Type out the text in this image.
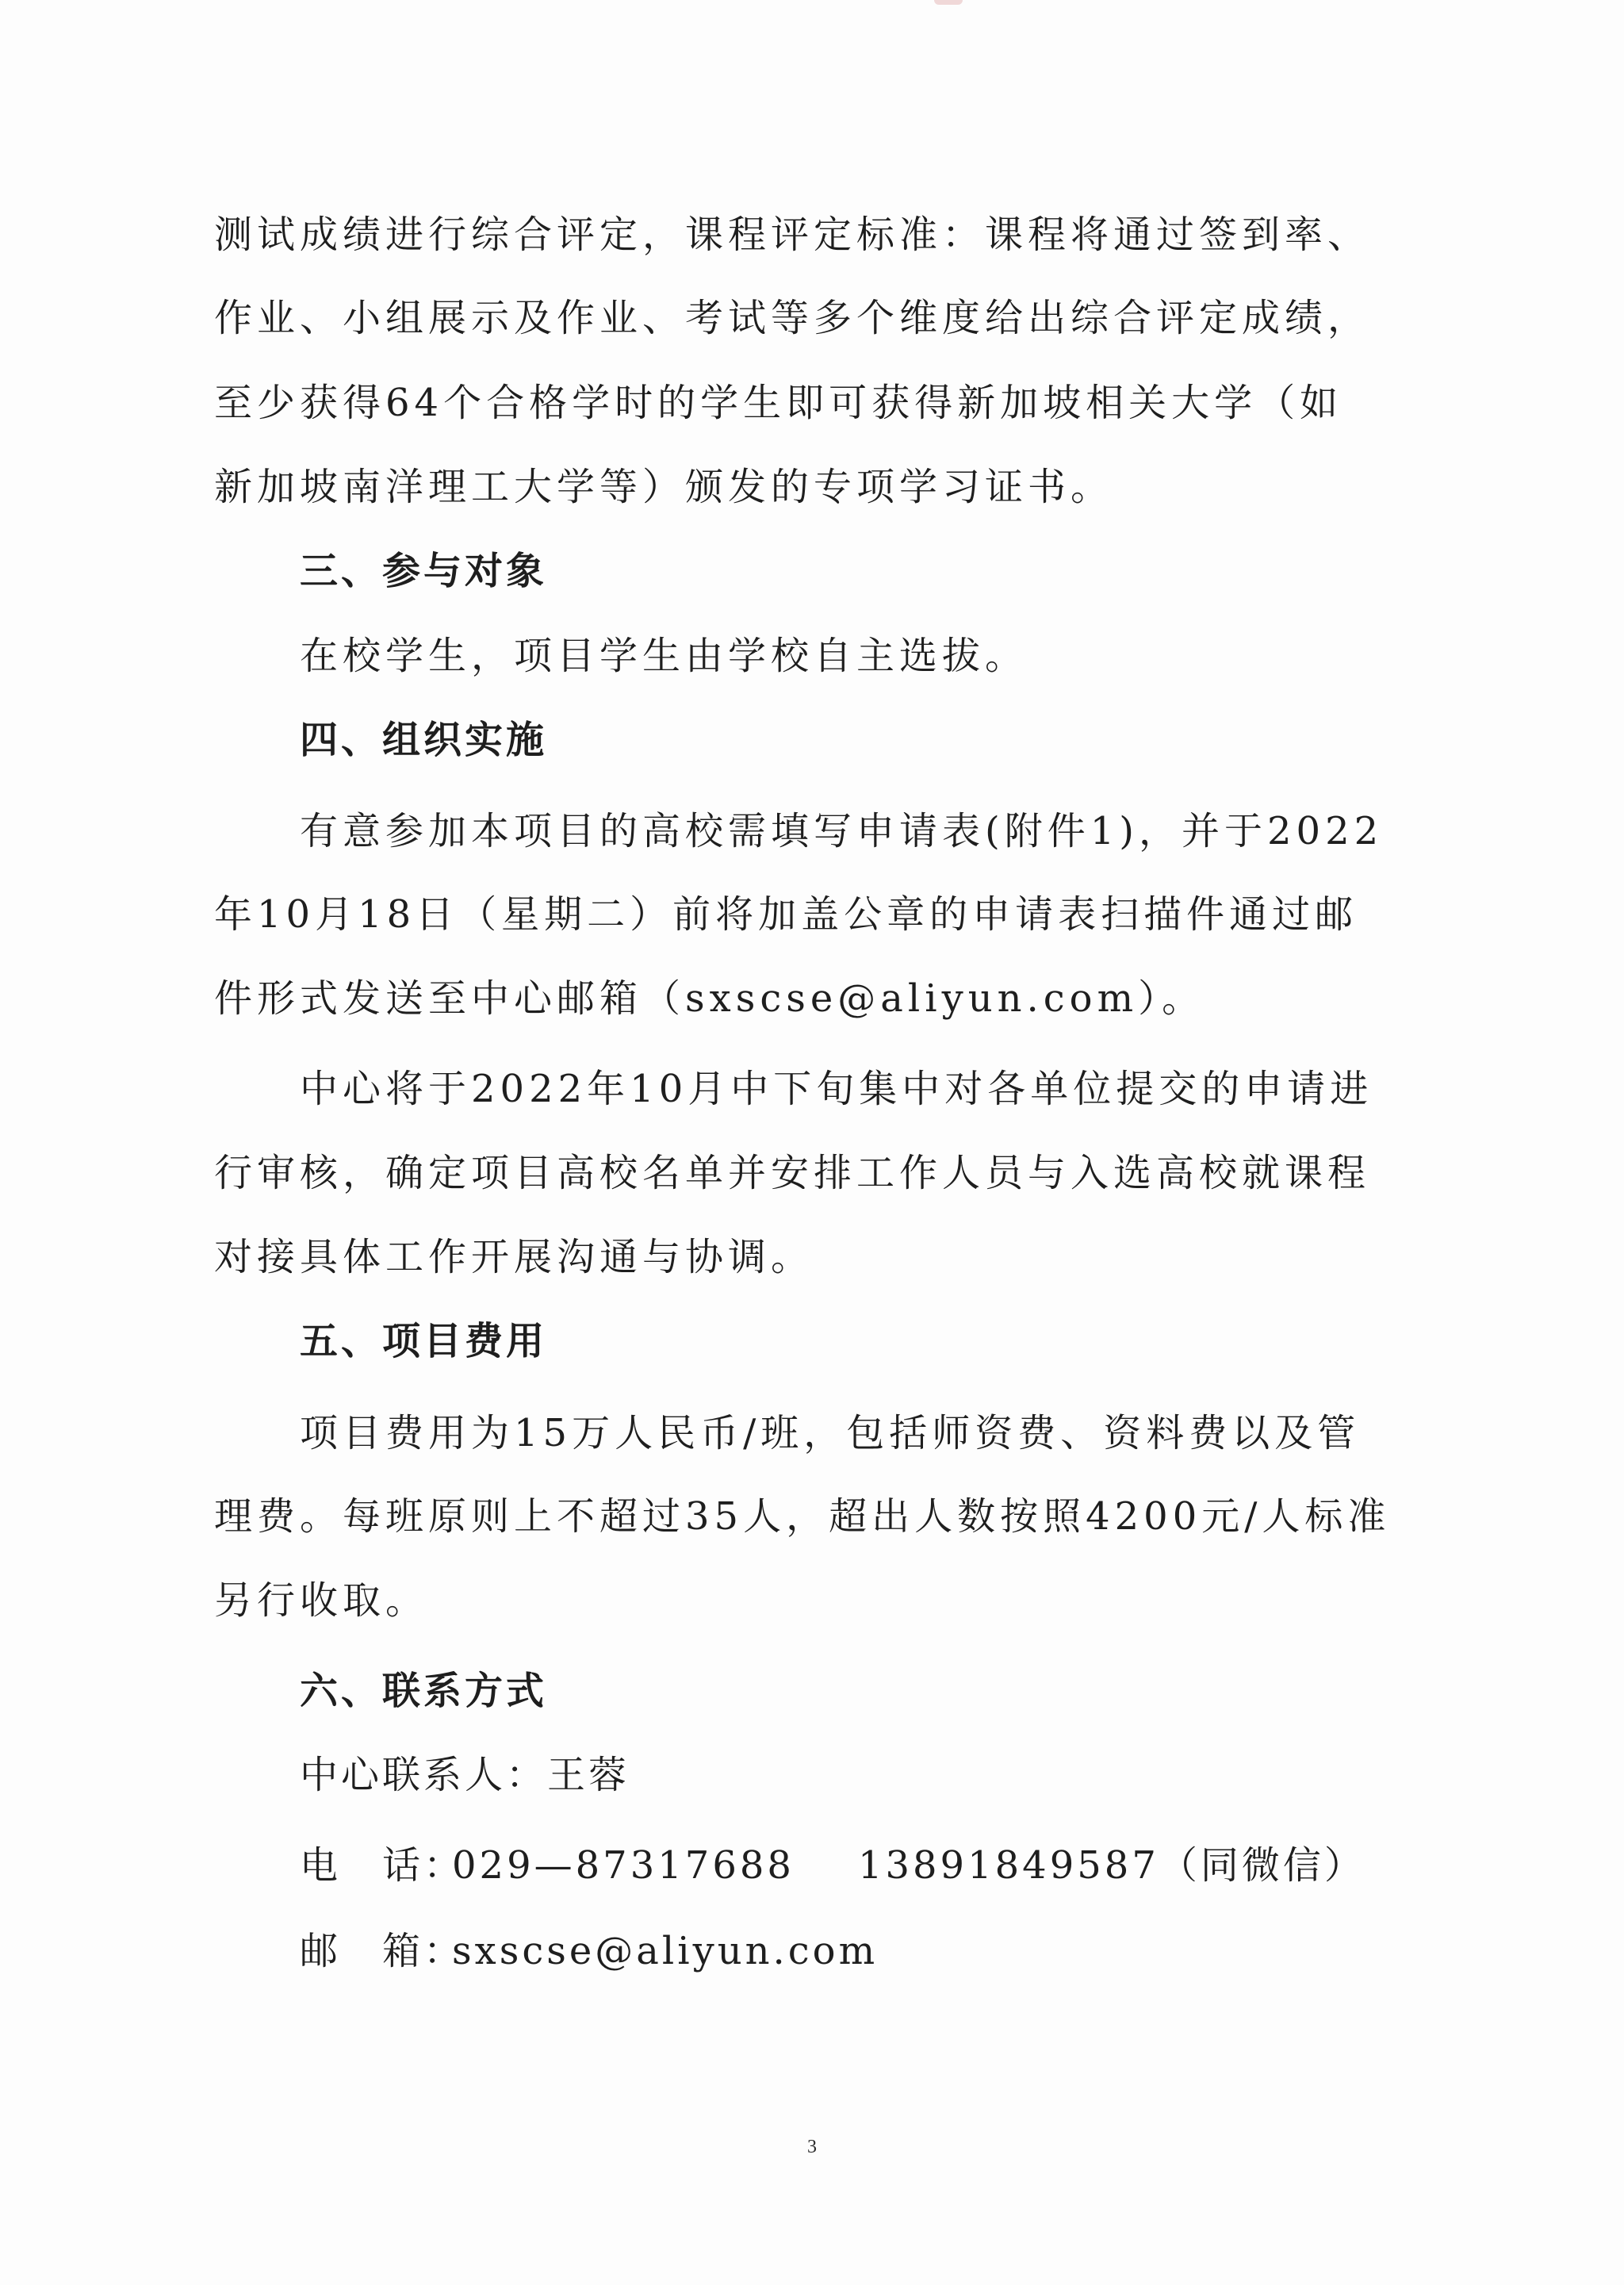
测试成绩进行综合评定，课程评定标准：课程将通过签到率、
作业、小组展示及作业、考试等多个维度给出综合评定成绩，
至少获得64个合格学时的学生即可获得新加坡相关大学（如
新加坡南洋理工大学等）颁发的专项学习证书。
三、参与对象
在校学生，项目学生由学校自主选拔。
四、组织实施
有意参加本项目的高校需填写申请表(附件1)，并于2022
年10月18日（星期二）前将加盖公章的申请表扫描件通过邮
件形式发送至中心邮箱（sxscse@aliyun.com）。
中心将于2022年10月中下旬集中对各单位提交的申请进
行审核，确定项目高校名单并安排工作人员与入选高校就课程
对接具体工作开展沟通与协调。
五、项目费用
项目费用为15万人民币/班，包括师资费、资料费以及管
理费。每班原则上不超过35人，超出人数按照4200元/人标准
另行收取。
六、联系方式
中心联系人：王蓉
电　话：029—87317688 13891849587（同微信）
邮　箱：sxscse@aliyun.com
3
